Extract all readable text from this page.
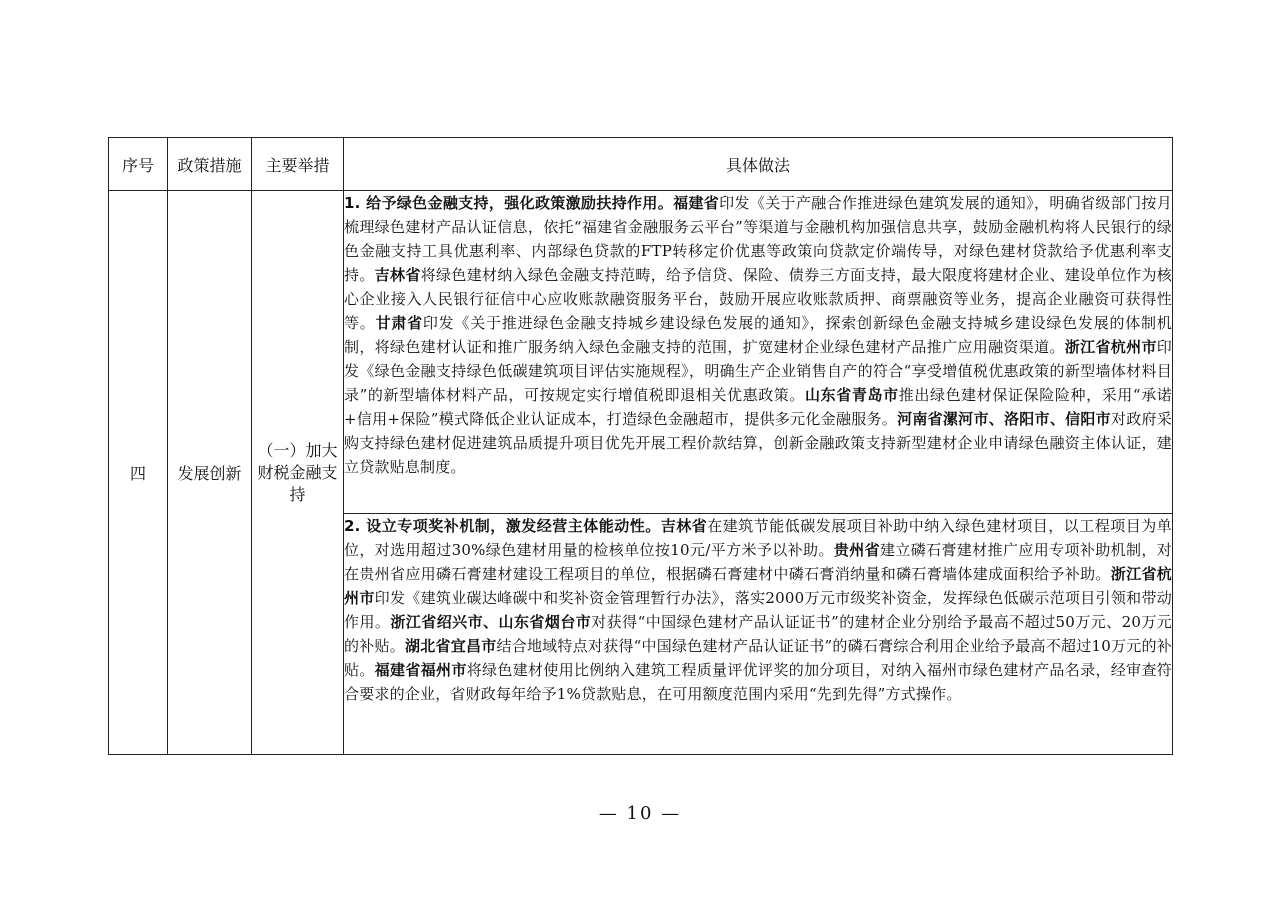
序号	政策措施	主要举措	具体做法
四	发展创新	（一）加大财税金融支持	1. 给予绿色金融支持，强化政策激励扶持作用。福建省印发《关于产融合作推进绿色建筑发展的通知》，明确省级部门按月梳理绿色建材产品认证信息，依托“福建省金融服务云平台”等渠道与金融机构加强信息共享，鼓励金融机构将人民银行的绿色金融支持工具优惠利率、内部绿色贷款的FTP转移定价优惠等政策向贷款定价端传导，对绿色建材贷款给予优惠利率支持。吉林省将绿色建材纳入绿色金融支持范畴，给予信贷、保险、债券三方面支持，最大限度将建材企业、建设单位作为核心企业接入人民银行征信中心应收账款融资服务平台，鼓励开展应收账款质押、商票融资等业务，提高企业融资可获得性等。甘肃省印发《关于推进绿色金融支持城乡建设绿色发展的通知》，探索创新绿色金融支持城乡建设绿色发展的体制机制，将绿色建材认证和推广服务纳入绿色金融支持的范围，扩宽建材企业绿色建材产品推广应用融资渠道。浙江省杭州市印发《绿色金融支持绿色低碳建筑项目评估实施规程》，明确生产企业销售自产的符合“享受增值税优惠政策的新型墙体材料目录”的新型墙体材料产品，可按规定实行增值税即退相关优惠政策。山东省青岛市推出绿色建材保证保险险种，采用“承诺+信用+保险”模式降低企业认证成本，打造绿色金融超市，提供多元化金融服务。河南省漯河市、洛阳市、信阳市对政府采购支持绿色建材促进建筑品质提升项目优先开展工程价款结算，创新金融政策支持新型建材企业申请绿色融资主体认证，建立贷款贴息制度。
			2. 设立专项奖补机制，激发经营主体能动性。吉林省在建筑节能低碳发展项目补助中纳入绿色建材项目，以工程项目为单位，对选用超过30%绿色建材用量的检核单位按10元/平方米予以补助。贵州省建立磷石膏建材推广应用专项补助机制，对在贵州省应用磷石膏建材建设工程项目的单位，根据磷石膏建材中磷石膏消纳量和磷石膏墙体建成面积给予补助。浙江省杭州市印发《建筑业碳达峰碳中和奖补资金管理暂行办法》，落实2000万元市级奖补资金，发挥绿色低碳示范项目引领和带动作用。浙江省绍兴市、山东省烟台市对获得“中国绿色建材产品认证证书”的建材企业分别给予最高不超过50万元、20万元的补贴。湖北省宜昌市结合地域特点对获得“中国绿色建材产品认证证书”的磷石膏综合利用企业给予最高不超过10万元的补贴。福建省福州市将绿色建材使用比例纳入建筑工程质量评优评奖的加分项目，对纳入福州市绿色建材产品名录，经审查符合要求的企业，省财政每年给予1%贷款贴息，在可用额度范围内采用“先到先得”方式操作。
— 10 —
